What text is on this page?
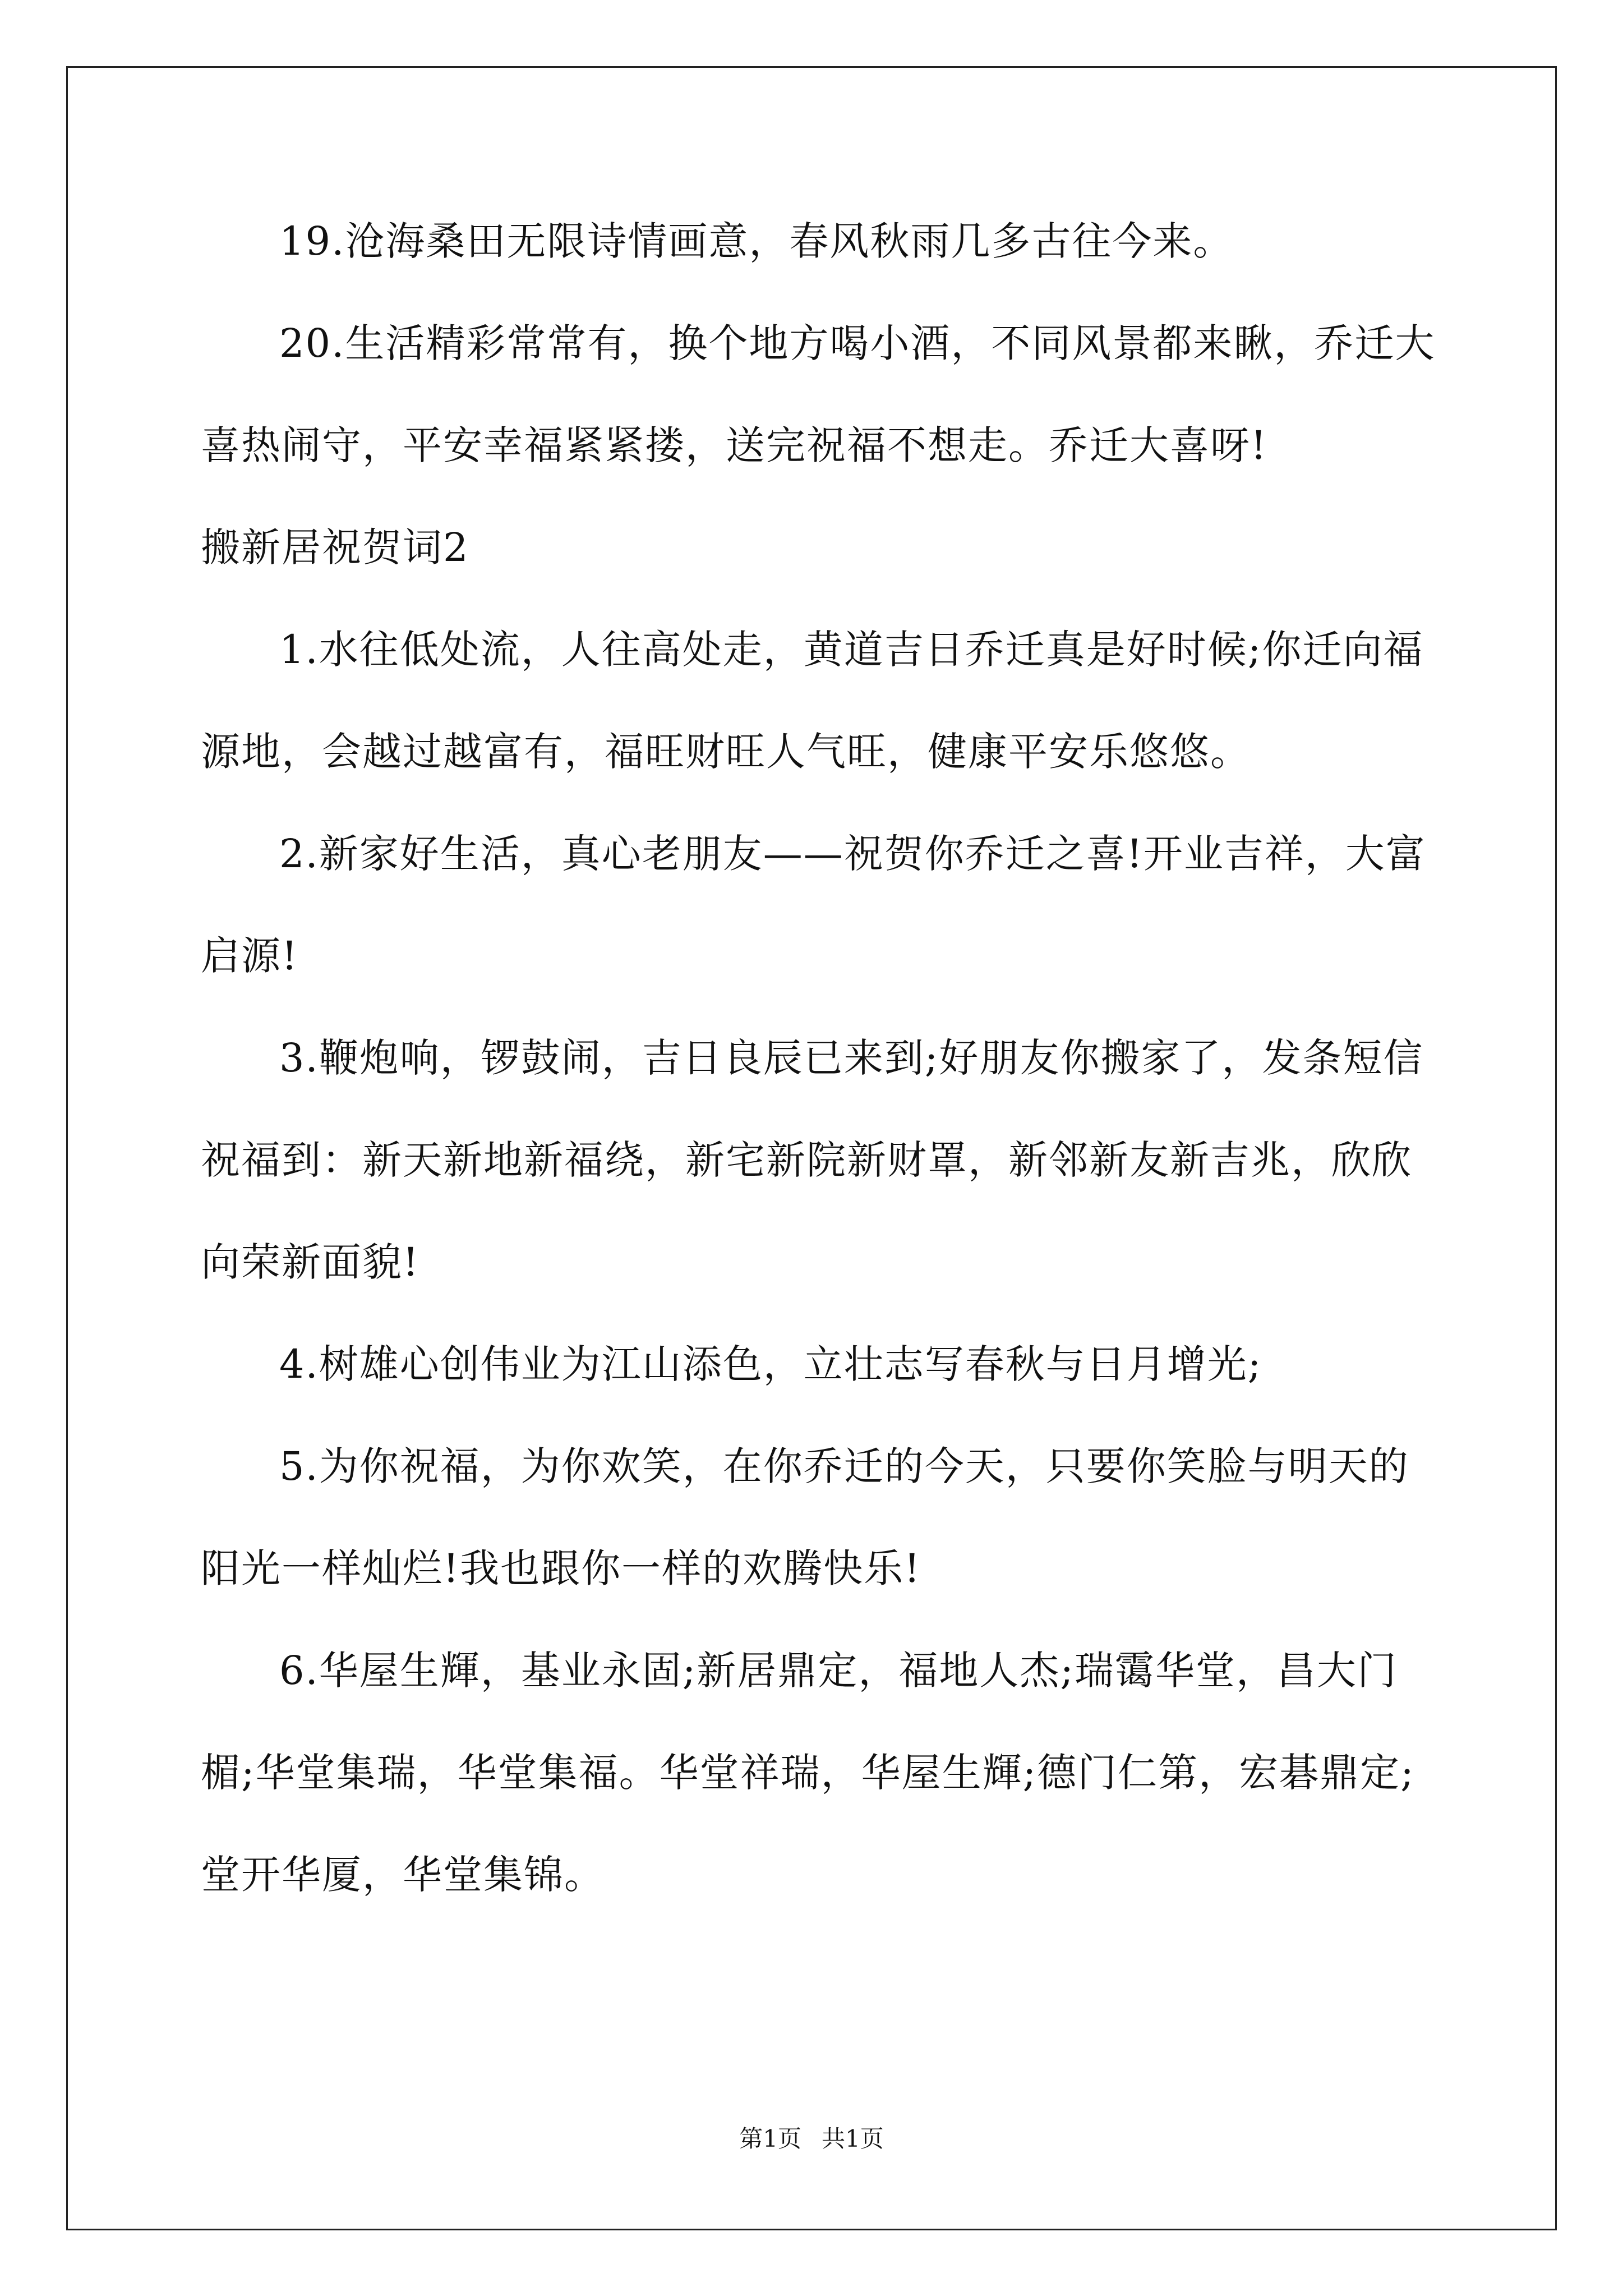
19.沧海桑田无限诗情画意，春风秋雨几多古往今来。
20.生活精彩常常有，换个地方喝小酒，不同风景都来瞅，乔迁大
喜热闹守，平安幸福紧紧搂，送完祝福不想走。乔迁大喜呀!
搬新居祝贺词2
1.水往低处流，人往高处走，黄道吉日乔迁真是好时候;你迁向福
源地，会越过越富有，福旺财旺人气旺，健康平安乐悠悠。
2.新家好生活，真心老朋友——祝贺你乔迁之喜!开业吉祥，大富
启源!
3.鞭炮响，锣鼓闹，吉日良辰已来到;好朋友你搬家了，发条短信
祝福到：新天新地新福绕，新宅新院新财罩，新邻新友新吉兆，欣欣
向荣新面貌!
4.树雄心创伟业为江山添色，立壮志写春秋与日月增光;
5.为你祝福，为你欢笑，在你乔迁的今天，只要你笑脸与明天的
阳光一样灿烂!我也跟你一样的欢腾快乐!
6.华屋生輝，基业永固;新居鼎定，福地人杰;瑞霭华堂，昌大门
楣;华堂集瑞，华堂集福。华堂祥瑞，华屋生輝;德门仁第，宏碁鼎定;
堂开华厦，华堂集锦。
第1页 共1页
